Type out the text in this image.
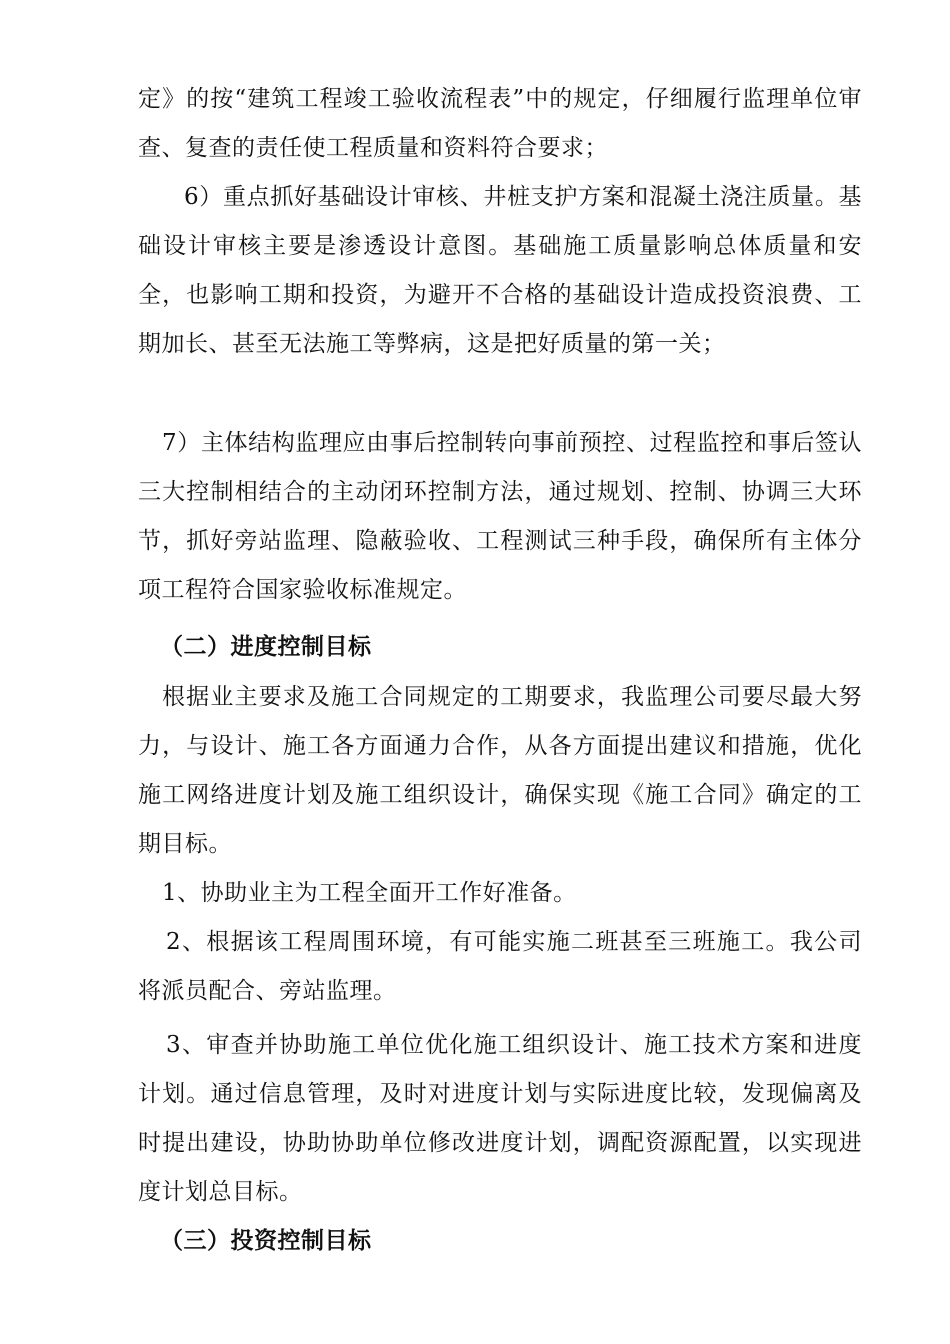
定》的按“建筑工程竣工验收流程表”中的规定，仔细履行监理单位审查、复查的责任使工程质量和资料符合要求；

6）重点抓好基础设计审核、井桩支护方案和混凝土浇注质量。基础设计审核主要是渗透设计意图。基础施工质量影响总体质量和安全，也影响工期和投资，为避开不合格的基础设计造成投资浪费、工期加长、甚至无法施工等弊病，这是把好质量的第一关；

7）主体结构监理应由事后控制转向事前预控、过程监控和事后签认三大控制相结合的主动闭环控制方法，通过规划、控制、协调三大环节，抓好旁站监理、隐蔽验收、工程测试三种手段，确保所有主体分项工程符合国家验收标准规定。

（二）进度控制目标

根据业主要求及施工合同规定的工期要求，我监理公司要尽最大努力，与设计、施工各方面通力合作，从各方面提出建议和措施，优化施工网络进度计划及施工组织设计，确保实现《施工合同》确定的工期目标。

1、协助业主为工程全面开工作好准备。

2、根据该工程周围环境，有可能实施二班甚至三班施工。我公司将派员配合、旁站监理。

3、审查并协助施工单位优化施工组织设计、施工技术方案和进度计划。通过信息管理，及时对进度计划与实际进度比较，发现偏离及时提出建设，协助协助单位修改进度计划，调配资源配置，以实现进度计划总目标。

（三）投资控制目标
